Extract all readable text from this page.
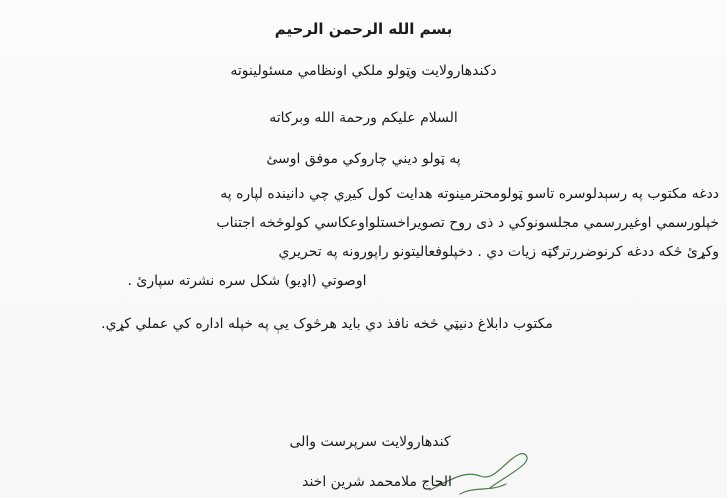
بسم الله الرحمن الرحيم
دکندهارولایت وټولو ملکي اونظامي مسئولینوته
السلام علیکم ورحمة الله وبرکاته
په ټولو دیني چاروکي موفق اوسئ
ددغه مکتوب په رسېدلوسره تاسو ټولومحترمینوته هدایت کول کیږي چي دانینده لپاره په
خپلورسمي اوغیررسمي مجلسونوکي د ذی روح تصویراخستلواوعکاسي کولوڅخه اجتناب
وکړئ څکه ددغه کرنوضررترګټه زیات دي . دخپلوفعالیتونو راپورونه په تحریري
اوصوتي (اډیو) شکل سره نشرته سپارئ .
مکتوب دابلاغ دنیټي څخه نافذ دي باید هرڅوک یې په خپله اداره کي عملي کړي.
کندهارولایت سرپرست والی
الحاج ملامحمد شرین اخند
